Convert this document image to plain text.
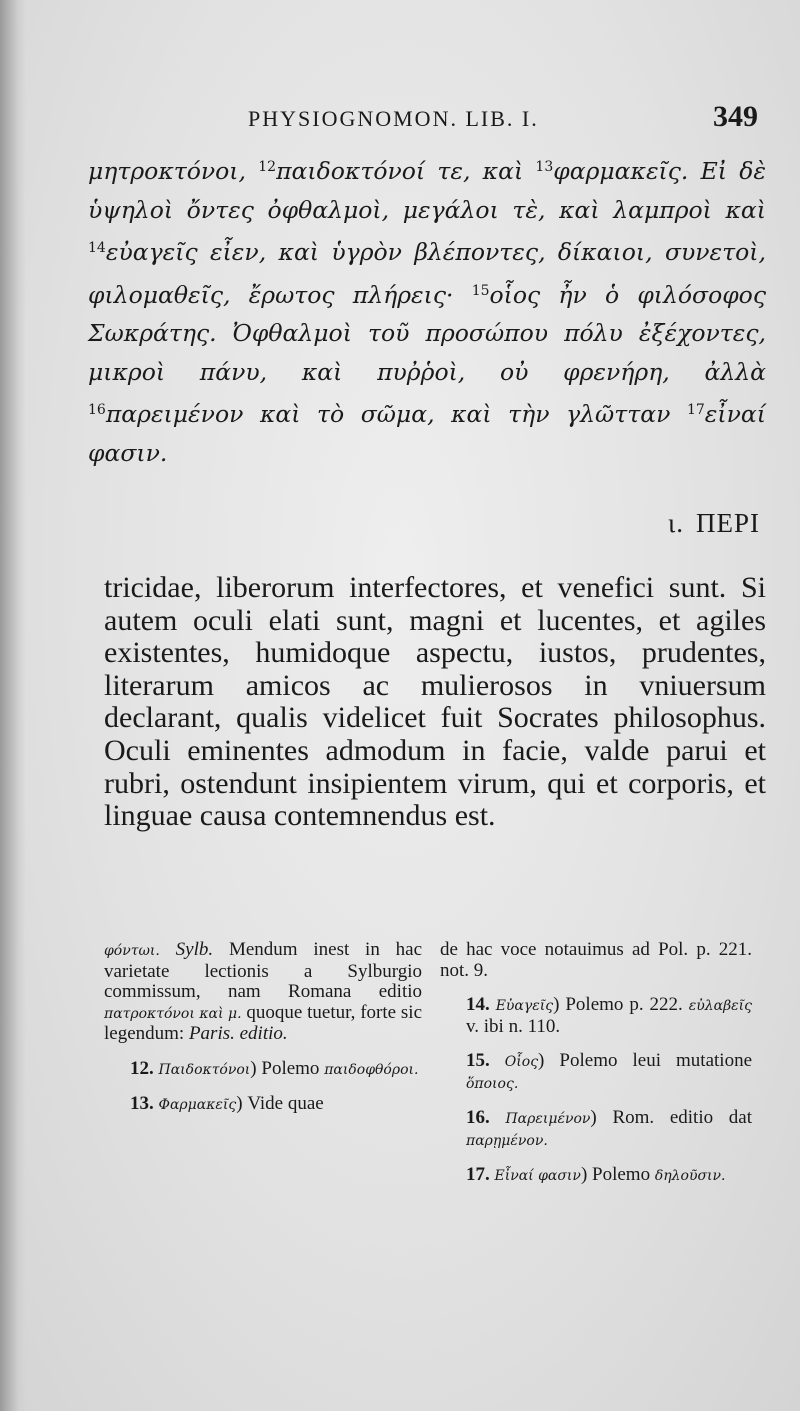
PHYSIOGNOMON. LIB. I.	349
μητροκτόνοι, $^{12}$παιδοκτόνοί τε, καὶ $^{13}$φαρμακεῖς. Εἰ δὲ ὑψηλοὶ ὄντες ὀφθαλμοὶ, μεγάλοι τὲ, καὶ λαμπροὶ καὶ $^{14}$εὐαγεῖς εἶεν, καὶ ὑγρὸν βλέποντες, δίκαιοι, συνετοὶ, φιλομαθεῖς, ἔρωτος πλήρεις· $^{15}$οἷος ἦν ὁ φιλόσοφος Σωκράτης. Ὀφθαλμοὶ τοῦ προσώπου πόλυ ἐξέχοντες, μικροὶ πάνυ, καὶ πυῤῥοὶ, οὐ φρενήρη, ἀλλὰ $^{16}$παρειμένον καὶ τὸ σῶμα, καὶ τὴν γλῶτταν $^{17}$εἶναί φασιν.
ι. ΠΕΡΙ
tricidae, liberorum interfectores, et venefici sunt. Si autem oculi elati sunt, magni et lucentes, et agiles existentes, humidoque aspectu, iustos, prudentes, literarum amicos ac mulierosos in vniuersum declarant, qualis videlicet fuit Socrates philosophus. Oculi eminentes admodum in facie, valde parui et rubri, ostendunt insipientem virum, qui et corporis, et linguae causa contemnendus est.

φόντωι. Sylb. Mendum inest in hac varietate lectionis a Sylburgio commissum, nam Romana editio πατροκτόνοι καὶ μ. quoque tuetur, forte sic legendum: Paris. editio.

12. Παιδοκτόνοι) Polemo παιδοφθόροι.

13. Φαρμακεῖς) Vide quae

de hac voce notauimus ad Pol. p. 221. not. 9.

14. Εὐαγεῖς) Polemo p. 222. εὐλαβεῖς v. ibi n. 110.

15. Οἷος) Polemo leui mutatione ὅποιος.

16. Παρειμένον) Rom. editio dat παρῃμένον.

17. Εἶναί φασιν) Polemo δηλοῦσιν.
